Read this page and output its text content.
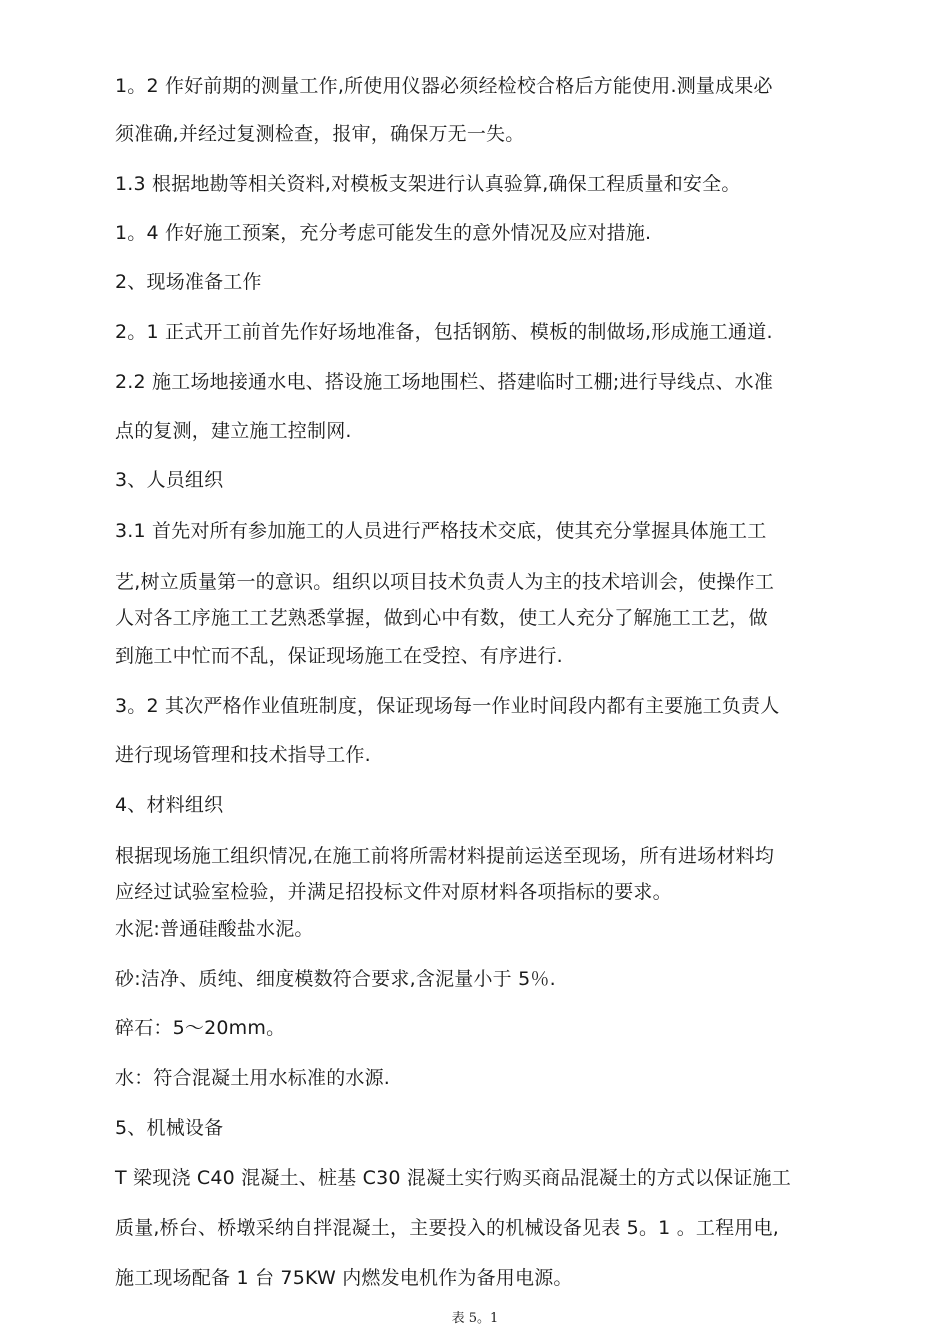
1。2 作好前期的测量工作,所使用仪器必须经检校合格后方能使用.测量成果必
须准确,并经过复测检查，报审，确保万无一失。
1.3 根据地勘等相关资料,对模板支架进行认真验算,确保工程质量和安全。
1。4 作好施工预案，充分考虑可能发生的意外情况及应对措施.
2、现场准备工作
2。1 正式开工前首先作好场地准备，包括钢筋、模板的制做场,形成施工通道.
2.2 施工场地接通水电、搭设施工场地围栏、搭建临时工棚;进行导线点、水准
点的复测，建立施工控制网.
3、人员组织
3.1 首先对所有参加施工的人员进行严格技术交底，使其充分掌握具体施工工
艺,树立质量第一的意识。组织以项目技术负责人为主的技术培训会，使操作工
人对各工序施工工艺熟悉掌握，做到心中有数，使工人充分了解施工工艺，做
到施工中忙而不乱，保证现场施工在受控、有序进行.
3。2 其次严格作业值班制度，保证现场每一作业时间段内都有主要施工负责人
进行现场管理和技术指导工作.
4、材料组织
根据现场施工组织情况,在施工前将所需材料提前运送至现场，所有进场材料均
应经过试验室检验，并满足招投标文件对原材料各项指标的要求。
水泥:普通硅酸盐水泥。
砂:洁净、质纯、细度模数符合要求,含泥量小于 5％.
碎石：5～20mm。
水：符合混凝土用水标准的水源.
5、机械设备
T 梁现浇 C40 混凝土、桩基 C30 混凝土实行购买商品混凝土的方式以保证施工
质量,桥台、桥墩采纳自拌混凝土，主要投入的机械设备见表 5。1 。工程用电,
施工现场配备 1 台 75KW 内燃发电机作为备用电源。
表 5。1
